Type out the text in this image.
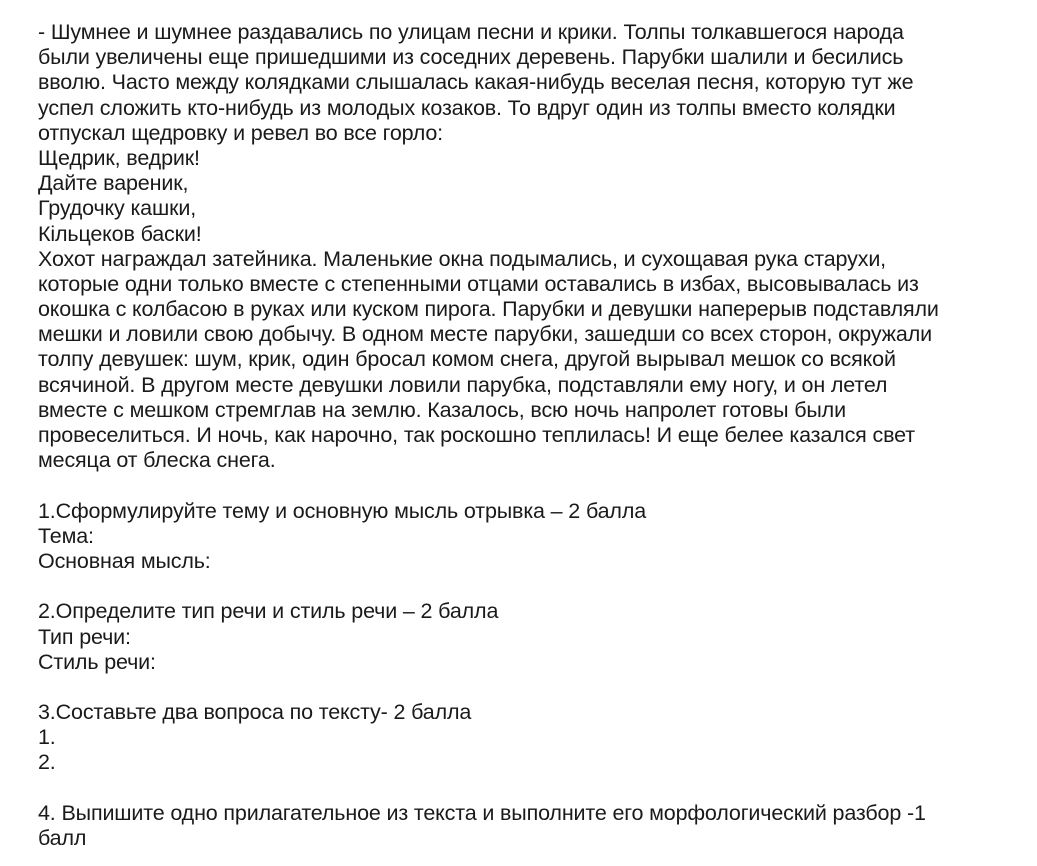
- Шумнее и шумнее раздавались по улицам песни и крики. Толпы толкавшегося народа
были увеличены еще пришедшими из соседних деревень. Парубки шалили и бесились
вволю. Часто между колядками слышалась какая-нибудь веселая песня, которую тут же
успел сложить кто-нибудь из молодых козаков. То вдруг один из толпы вместо колядки
отпускал щедровку и ревел во все горло:
Щедрик, ведрик!
Дайте вареник,
Грудочку кашки,
Кільцеков баски!
Хохот награждал затейника. Маленькие окна подымались, и сухощавая рука старухи,
которые одни только вместе с степенными отцами оставались в избах, высовывалась из
окошка с колбасою в руках или куском пирога. Парубки и девушки наперерыв подставляли
мешки и ловили свою добычу. В одном месте парубки, зашедши со всех сторон, окружали
толпу девушек: шум, крик, один бросал комом снега, другой вырывал мешок со всякой
всячиной. В другом месте девушки ловили парубка, подставляли ему ногу, и он летел
вместе с мешком стремглав на землю. Казалось, всю ночь напролет готовы были
провеселиться. И ночь, как нарочно, так роскошно теплилась! И еще белее казался свет
месяца от блеска снега.
1.Сформулируйте тему и основную мысль отрывка – 2 балла
Тема:
Основная мысль:
2.Определите тип речи и стиль речи – 2 балла
Тип речи:
Стиль речи:
3.Составьте два вопроса по тексту- 2 балла
1.
2.
4. Выпишите одно прилагательное из текста и выполните его морфологический разбор -1
балл
